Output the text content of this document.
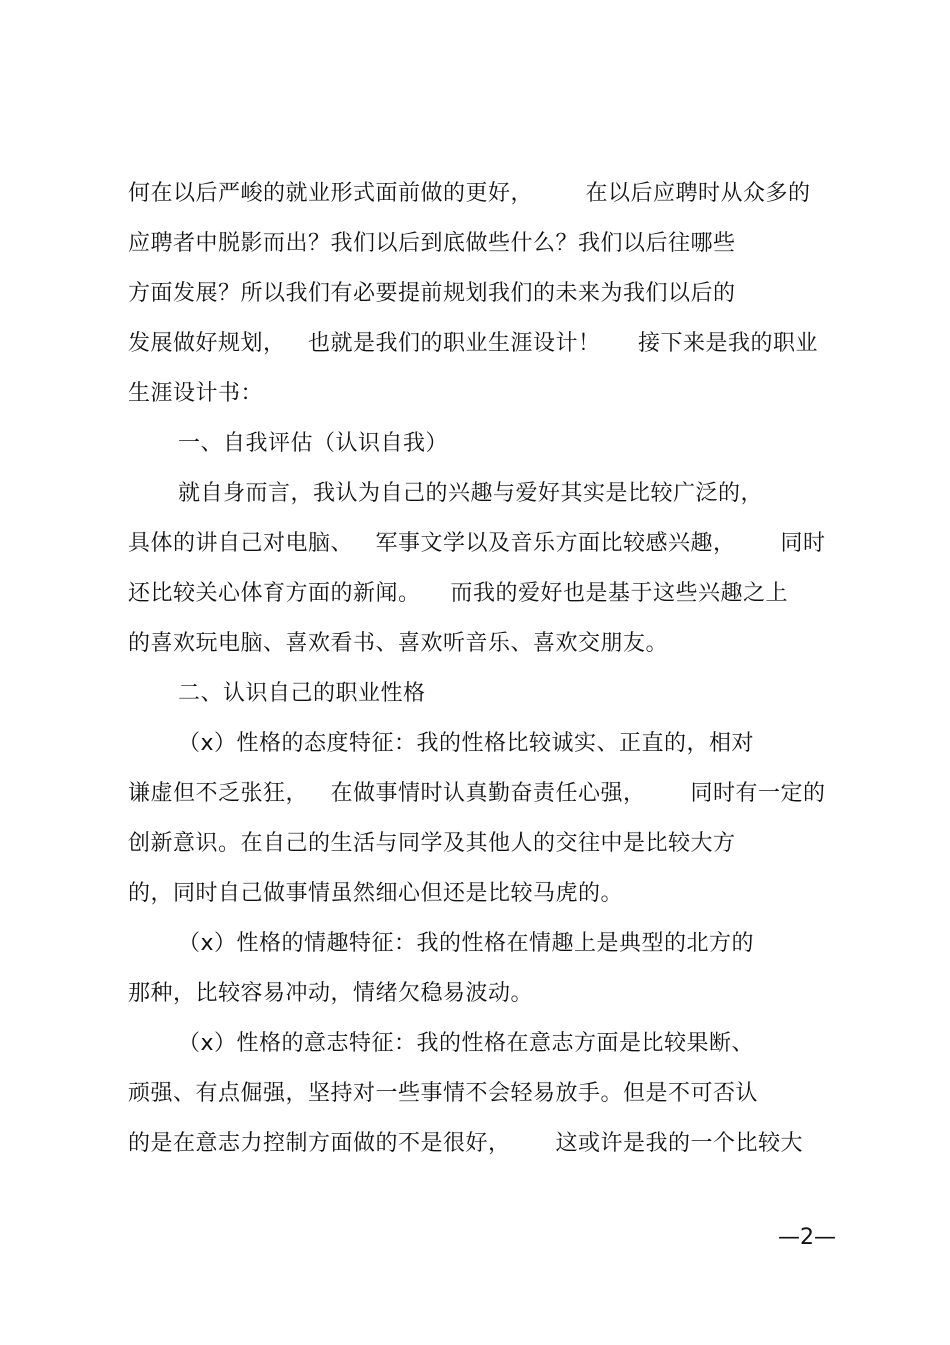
何在以后严峻的就业形式面前做的更好，       在以后应聘时从众多的
应聘者中脱影而出？我们以后到底做些什么？我们以后往哪些
方面发展？所以我们有必要提前规划我们的未来为我们以后的
发展做好规划，   也就是我们的职业生涯设计！     接下来是我的职业
生涯设计书：
一、自我评估（认识自我）
就自身而言，我认为自己的兴趣与爱好其实是比较广泛的，
具体的讲自己对电脑、   军事文学以及音乐方面比较感兴趣，      同时
还比较关心体育方面的新闻。    而我的爱好也是基于这些兴趣之上
的喜欢玩电脑、喜欢看书、喜欢听音乐、喜欢交朋友。
二、认识自己的职业性格
（x）性格的态度特征：我的性格比较诚实、正直的，相对
谦虚但不乏张狂，   在做事情时认真勤奋责任心强，      同时有一定的
创新意识。在自己的生活与同学及其他人的交往中是比较大方
的，同时自己做事情虽然细心但还是比较马虎的。
（x）性格的情趣特征：我的性格在情趣上是典型的北方的
那种，比较容易冲动，情绪欠稳易波动。
（x）性格的意志特征：我的性格在意志方面是比较果断、
顽强、有点倔强，坚持对一些事情不会轻易放手。但是不可否认
的是在意志力控制方面做的不是很好，      这或许是我的一个比较大
—2—
